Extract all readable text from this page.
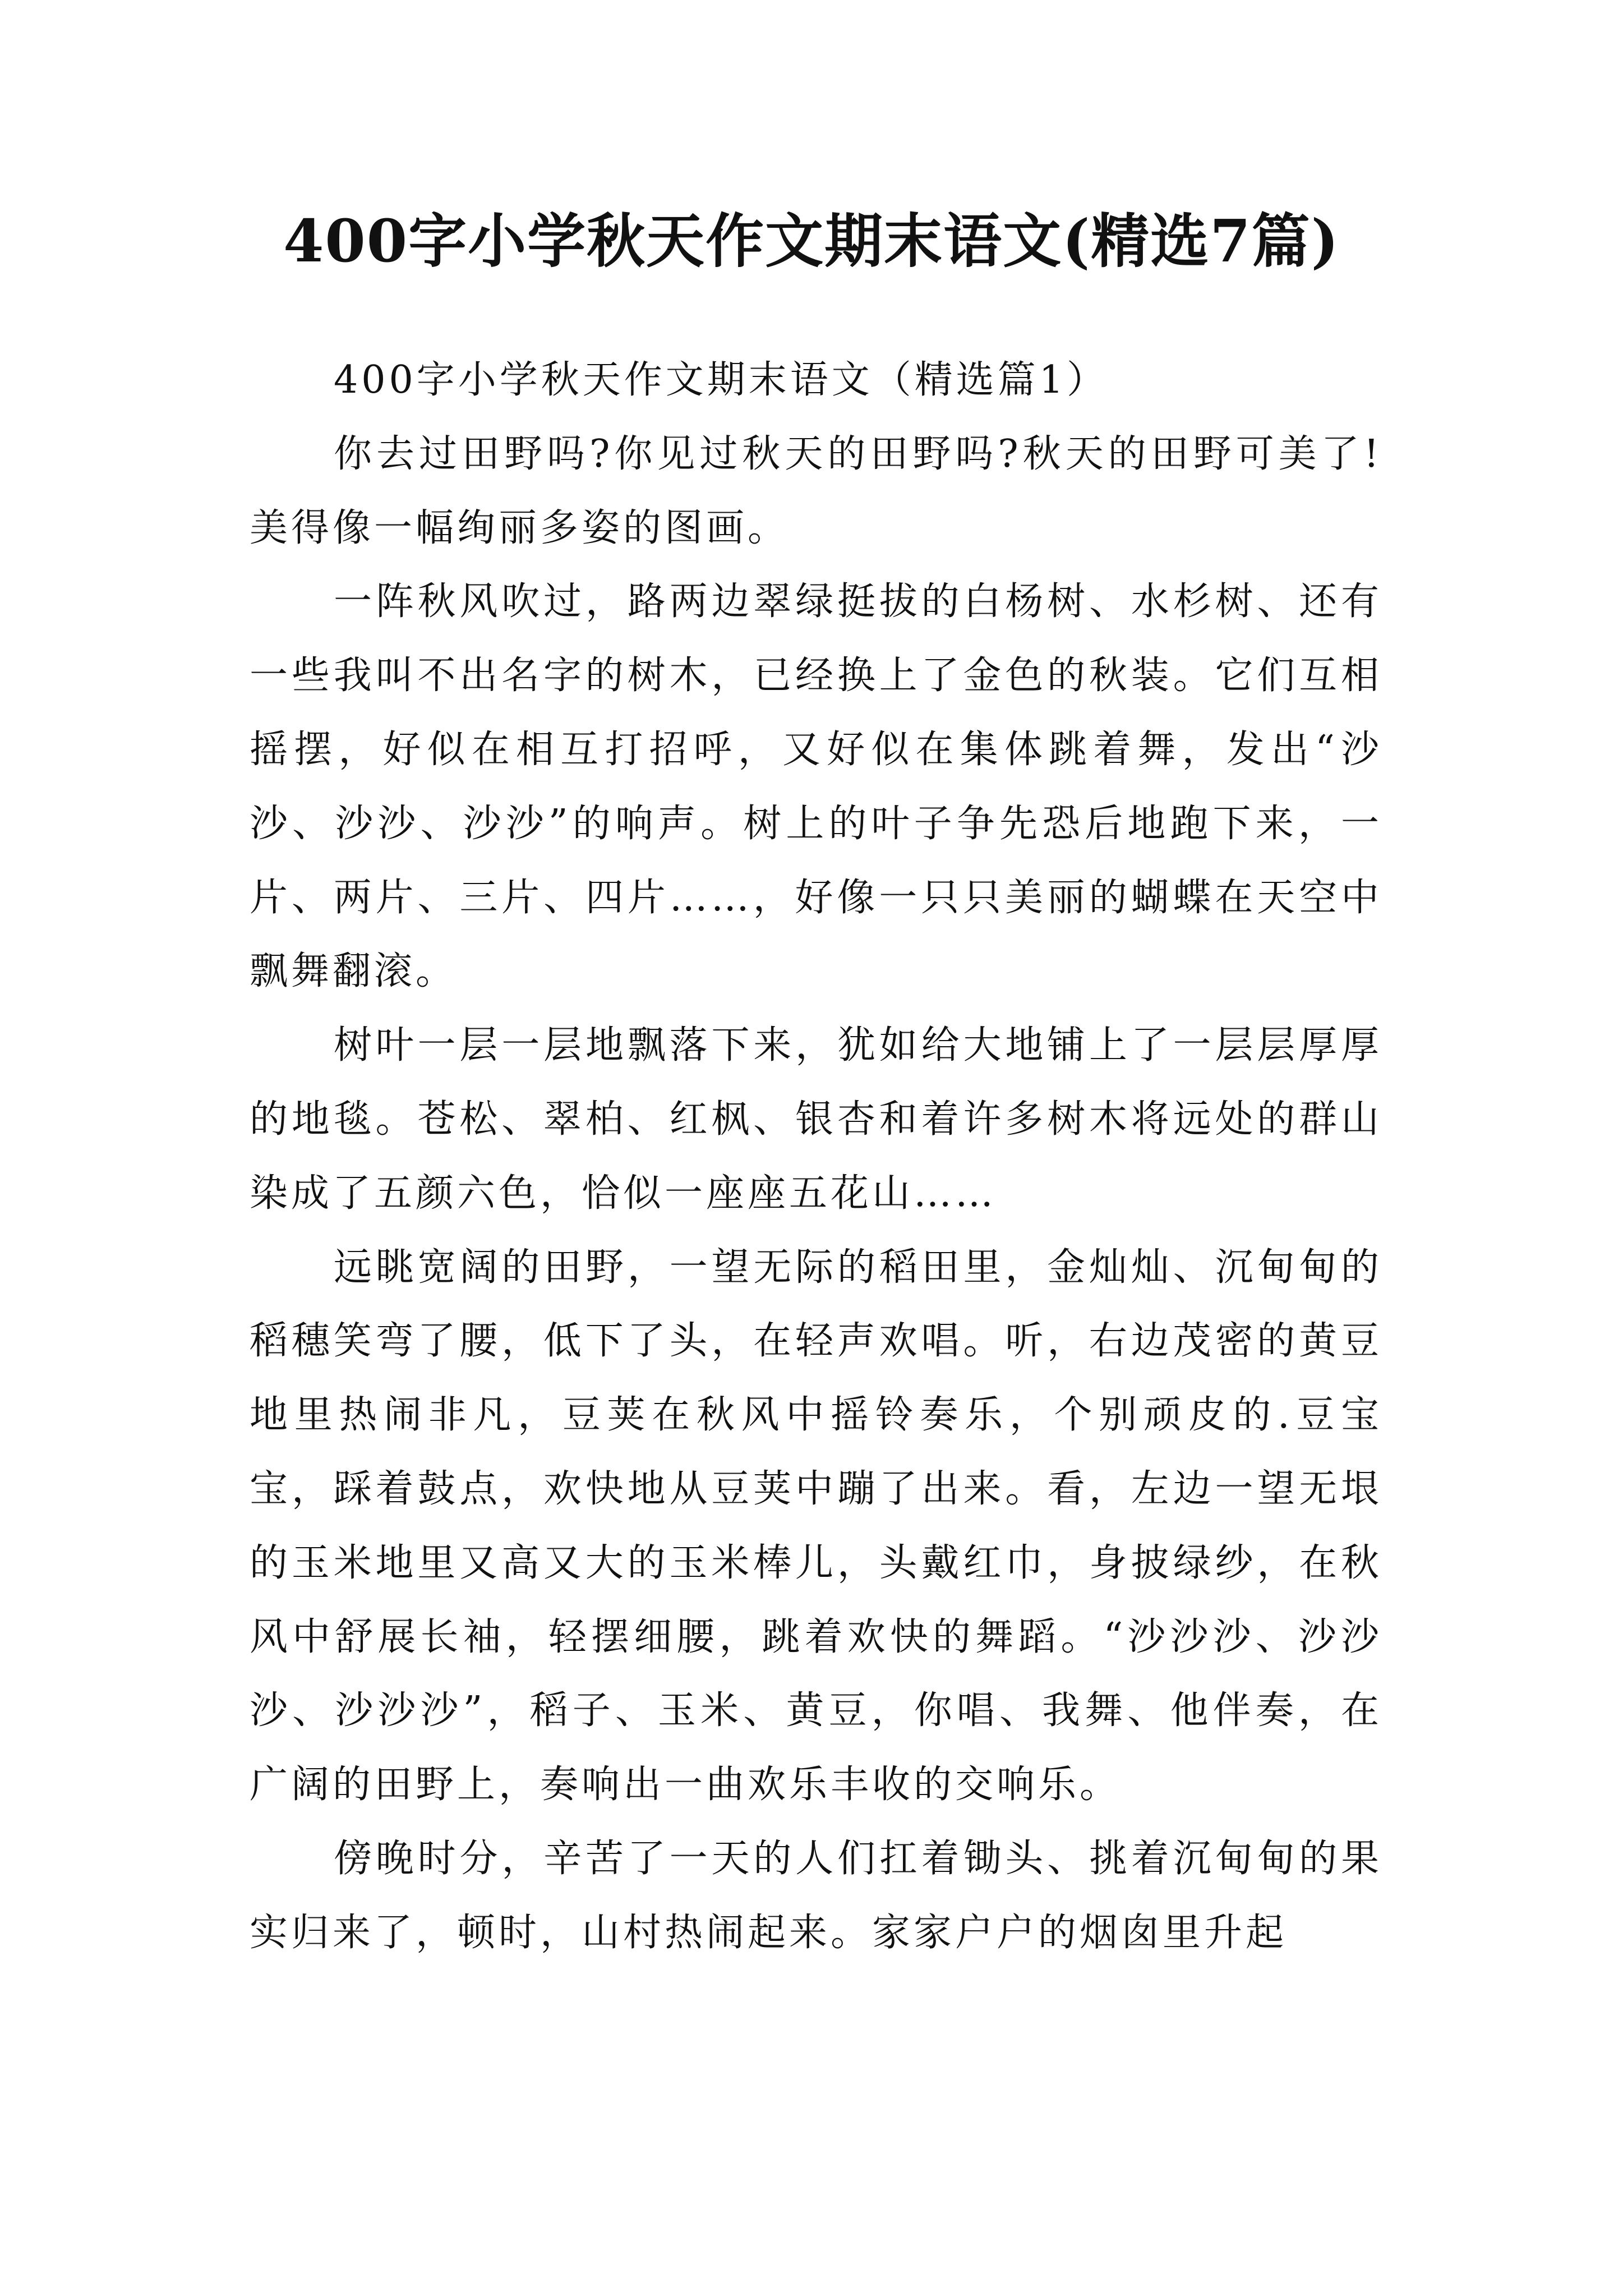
400字小学秋天作文期末语文(精选7篇)

400字小学秋天作文期末语文（精选篇1）

你去过田野吗?你见过秋天的田野吗?秋天的田野可美了!美得像一幅绚丽多姿的图画。

一阵秋风吹过，路两边翠绿挺拔的白杨树、水杉树、还有一些我叫不出名字的树木，已经换上了金色的秋装。它们互相摇摆，好似在相互打招呼，又好似在集体跳着舞，发出“沙沙、沙沙、沙沙”的响声。树上的叶子争先恐后地跑下来，一片、两片、三片、四片……，好像一只只美丽的蝴蝶在天空中飘舞翻滚。

树叶一层一层地飘落下来，犹如给大地铺上了一层层厚厚的地毯。苍松、翠柏、红枫、银杏和着许多树木将远处的群山染成了五颜六色，恰似一座座五花山……

远眺宽阔的田野，一望无际的稻田里，金灿灿、沉甸甸的稻穗笑弯了腰，低下了头，在轻声欢唱。听，右边茂密的黄豆地里热闹非凡，豆荚在秋风中摇铃奏乐，个别顽皮的.豆宝宝，踩着鼓点，欢快地从豆荚中蹦了出来。看，左边一望无垠的玉米地里又高又大的玉米棒儿，头戴红巾，身披绿纱，在秋风中舒展长袖，轻摆细腰，跳着欢快的舞蹈。“沙沙沙、沙沙沙、沙沙沙”，稻子、玉米、黄豆，你唱、我舞、他伴奏，在广阔的田野上，奏响出一曲欢乐丰收的交响乐。

傍晚时分，辛苦了一天的人们扛着锄头、挑着沉甸甸的果实归来了，顿时，山村热闹起来。家家户户的烟囱里升起
